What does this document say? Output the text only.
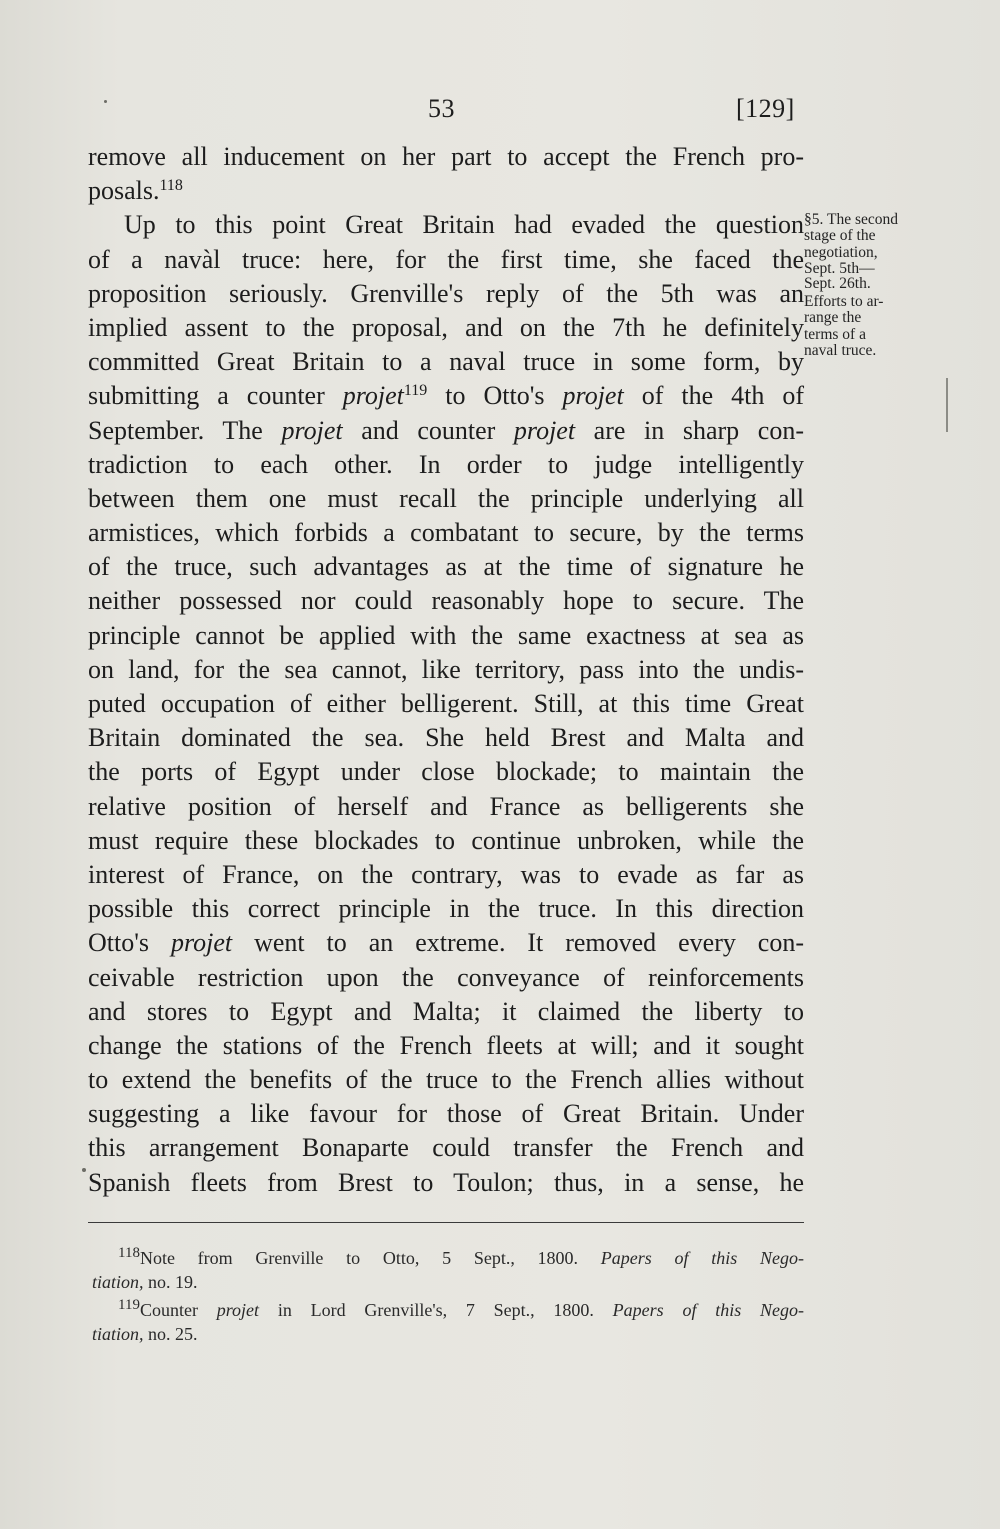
53	[129]
remove all inducement on her part to accept the French pro-
posals.$^{118}$
Up to this point Great Britain had evaded the question
of a navàl truce: here, for the first time, she faced the
proposition seriously. Grenville's reply of the 5th was an
implied assent to the proposal, and on the 7th he definitely
committed Great Britain to a naval truce in some form, by
submitting a counter projet$^{119}$ to Otto's projet of the 4th of
September. The projet and counter projet are in sharp con-
tradiction to each other. In order to judge intelligently
between them one must recall the principle underlying all
armistices, which forbids a combatant to secure, by the terms
of the truce, such advantages as at the time of signature he
neither possessed nor could reasonably hope to secure. The
principle cannot be applied with the same exactness at sea as
on land, for the sea cannot, like territory, pass into the undis-
puted occupation of either belligerent. Still, at this time Great
Britain dominated the sea. She held Brest and Malta and
the ports of Egypt under close blockade; to maintain the
relative position of herself and France as belligerents she
must require these blockades to continue unbroken, while the
interest of France, on the contrary, was to evade as far as
possible this correct principle in the truce. In this direction
Otto's projet went to an extreme. It removed every con-
ceivable restriction upon the conveyance of reinforcements
and stores to Egypt and Malta; it claimed the liberty to
change the stations of the French fleets at will; and it sought
to extend the benefits of the truce to the French allies without
suggesting a like favour for those of Great Britain. Under
this arrangement Bonaparte could transfer the French and
Spanish fleets from Brest to Toulon; thus, in a sense, he
§5. The second
stage of the
negotiation,
Sept. 5th—
Sept. 26th.
Efforts to ar-
range the
terms of a
naval truce.
$^{118}$Note from Grenville to Otto, 5 Sept., 1800. Papers of this Nego-
tiation, no. 19.
$^{119}$Counter projet in Lord Grenville's, 7 Sept., 1800. Papers of this Nego-
tiation, no. 25.
